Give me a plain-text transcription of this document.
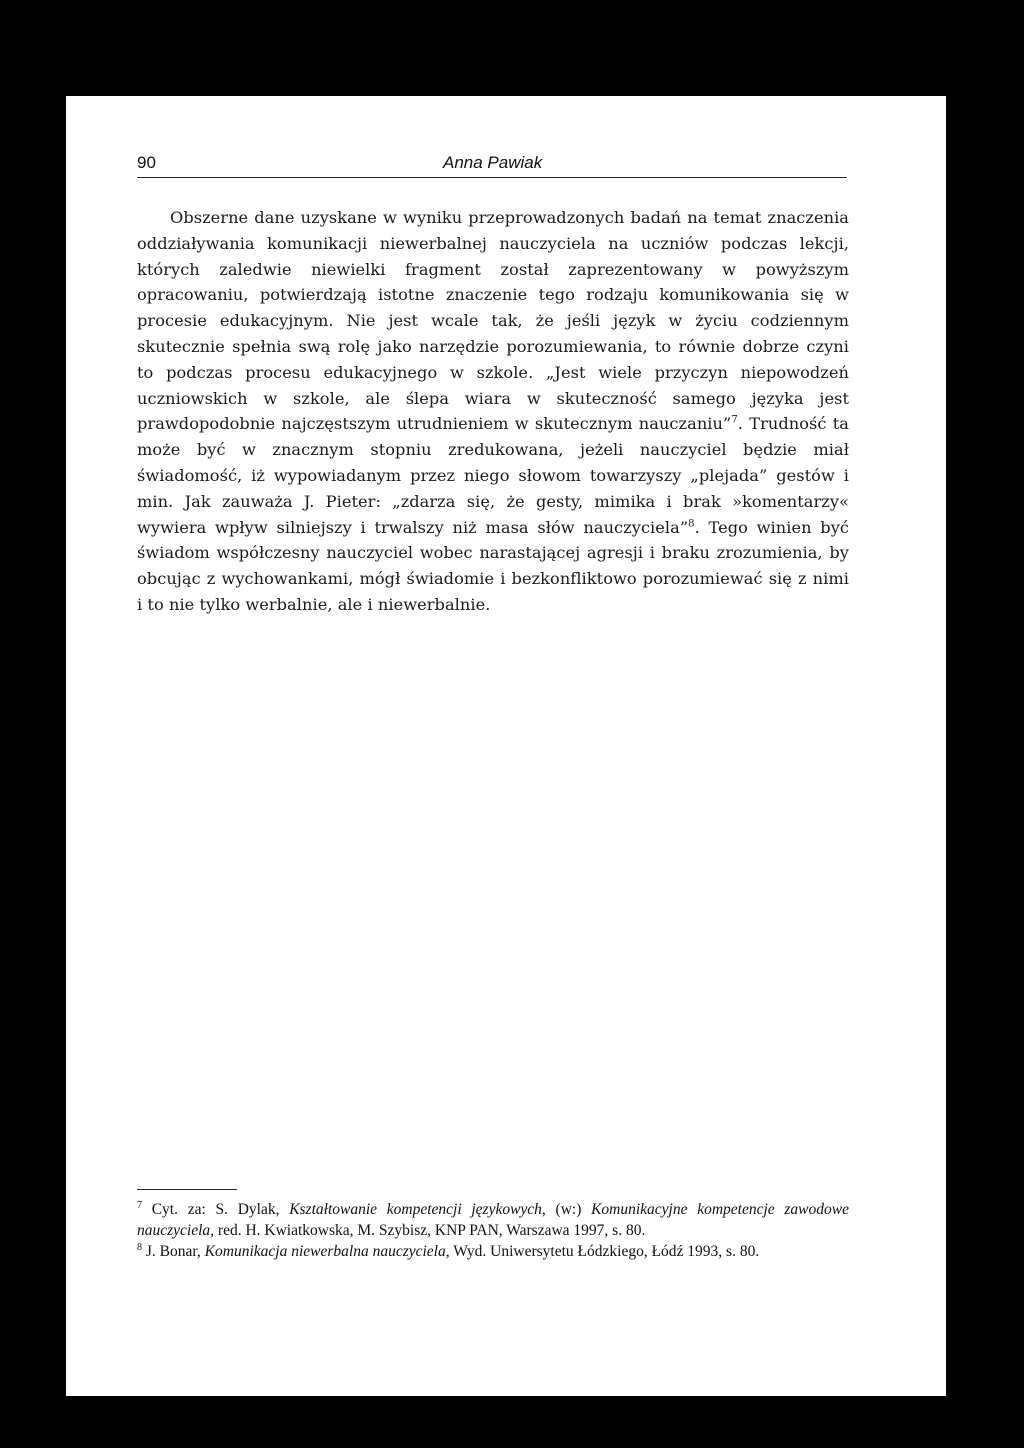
90	Anna Pawiak

Obszerne dane uzyskane w wyniku przeprowadzonych badań na temat znaczenia oddziaływania komunikacji niewerbalnej nauczyciela na uczniów podczas lekcji, których zaledwie niewielki fragment został zaprezentowany w powyższym opracowaniu, potwierdzają istotne znaczenie tego rodzaju komunikowania się w procesie edukacyjnym. Nie jest wcale tak, że jeśli język w życiu codziennym skutecznie spełnia swą rolę jako narzędzie porozumiewania, to równie dobrze czyni to podczas procesu edukacyjnego w szkole. „Jest wiele przyczyn niepowodzeń uczniowskich w szkole, ale ślepa wiara w skuteczność samego języka jest prawdopodobnie najczęstszym utrudnieniem w skutecznym nauczaniu”$^7$. Trudność ta może być w znacznym stopniu zredukowana, jeżeli nauczyciel będzie miał świadomość, iż wypowiadanym przez niego słowom towarzyszy „plejada” gestów i min. Jak zauważa J. Pieter: „zdarza się, że gesty, mimika i brak »komentarzy« wywiera wpływ silniejszy i trwalszy niż masa słów nauczyciela”$^8$. Tego winien być świadom współczesny nauczyciel wobec narastającej agresji i braku zrozumienia, by obcując z wychowankami, mógł świadomie i bezkonfliktowo porozumiewać się z nimi i to nie tylko werbalnie, ale i niewerbalnie.

$^7$ Cyt. za: S. Dylak, Kształtowanie kompetencji językowych, (w:) Komunikacyjne kompetencje zawodowe nauczyciela, red. H. Kwiatkowska, M. Szybisz, KNP PAN, Warszawa 1997, s. 80.

$^8$ J. Bonar, Komunikacja niewerbalna nauczyciela, Wyd. Uniwersytetu Łódzkiego, Łódź 1993, s. 80.
